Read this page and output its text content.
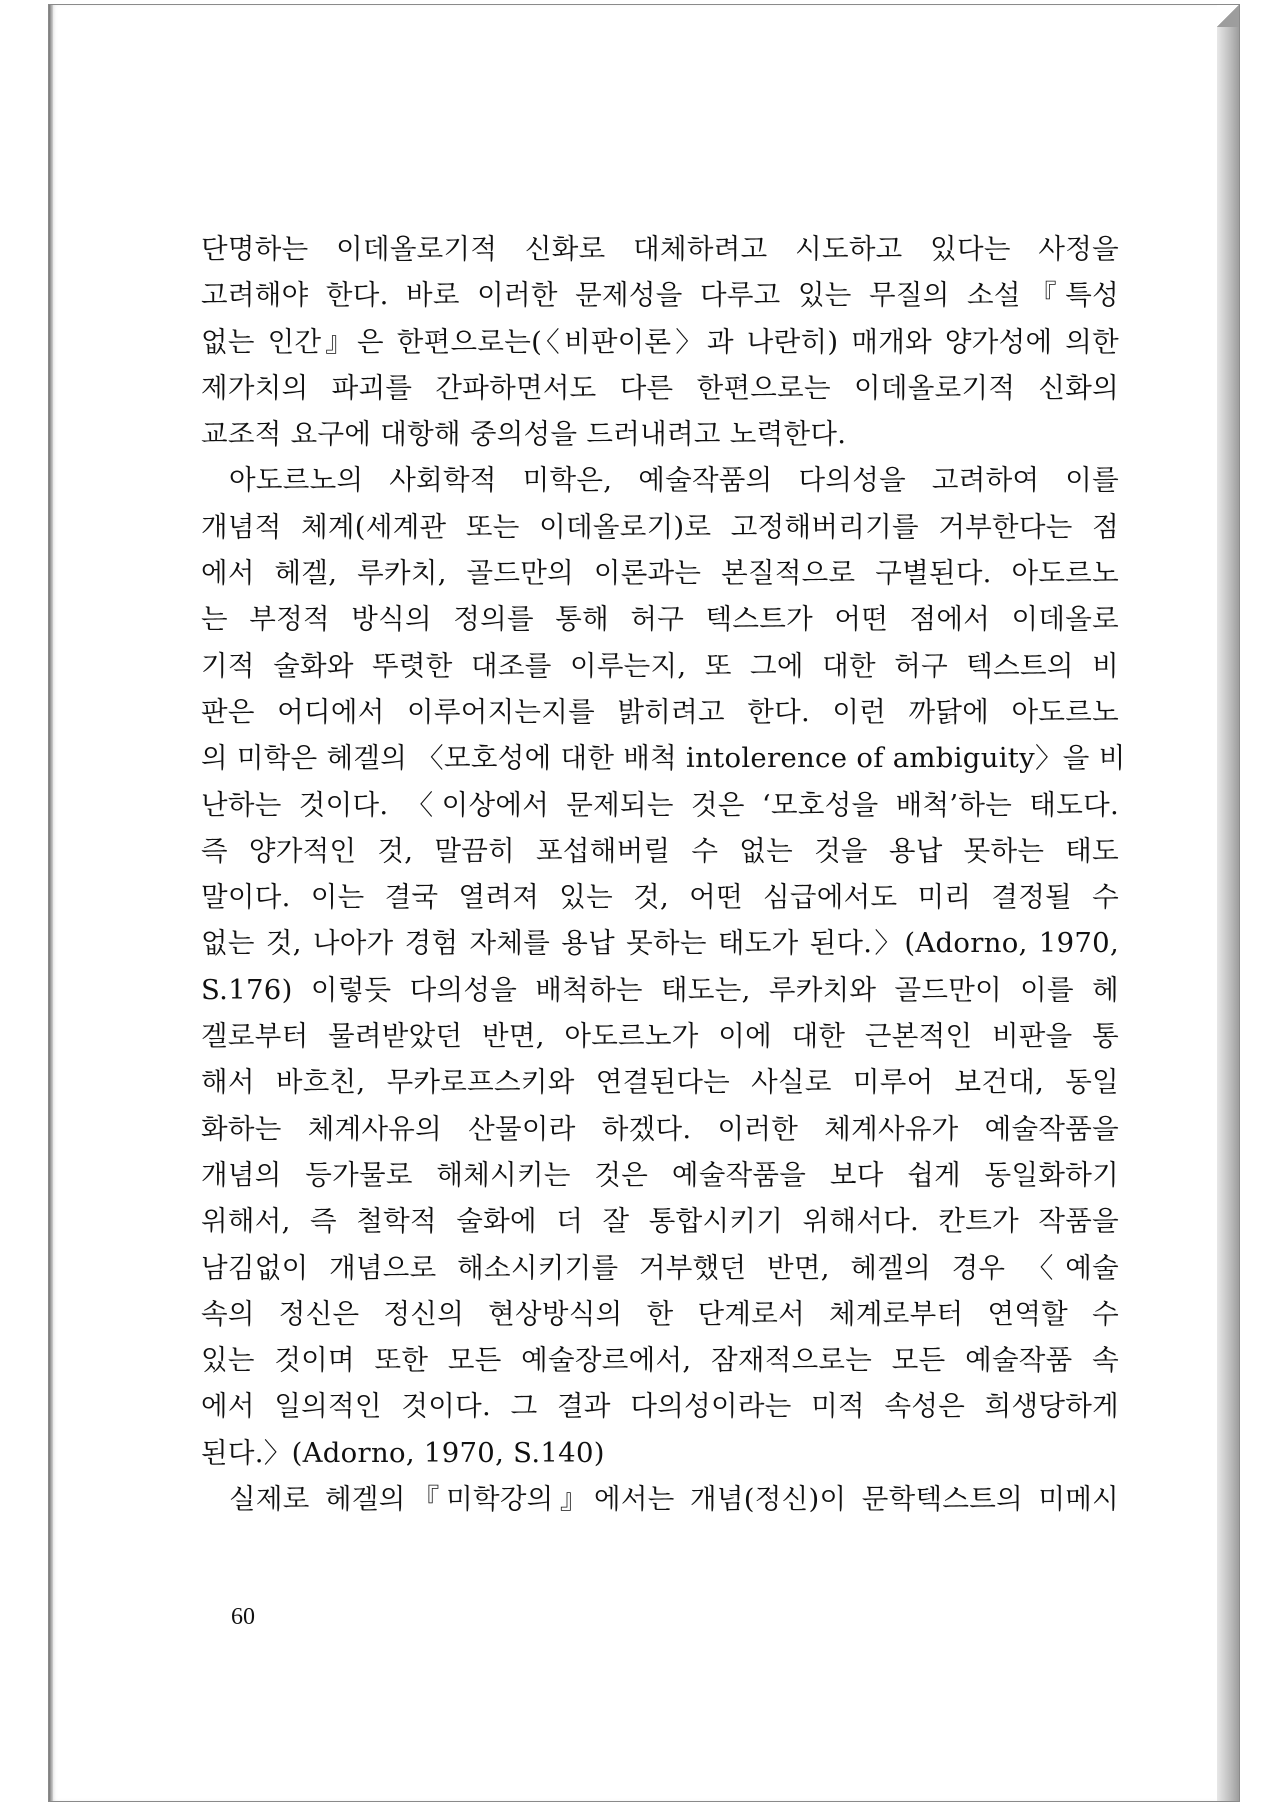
단명하는 이데올로기적 신화로 대체하려고 시도하고 있다는 사정을
고려해야 한다. 바로 이러한 문제성을 다루고 있는 무질의 소설『특성
없는 인간』은 한편으로는(〈비판이론〉과 나란히) 매개와 양가성에 의한
제가치의 파괴를 간파하면서도 다른 한편으로는 이데올로기적 신화의
교조적 요구에 대항해 중의성을 드러내려고 노력한다.
아도르노의 사회학적 미학은, 예술작품의 다의성을 고려하여 이를
개념적 체계(세계관 또는 이데올로기)로 고정해버리기를 거부한다는 점
에서 헤겔, 루카치, 골드만의 이론과는 본질적으로 구별된다. 아도르노
는 부정적 방식의 정의를 통해 허구 텍스트가 어떤 점에서 이데올로
기적 술화와 뚜렷한 대조를 이루는지, 또 그에 대한 허구 텍스트의 비
판은 어디에서 이루어지는지를 밝히려고 한다. 이런 까닭에 아도르노
의 미학은 헤겔의 〈모호성에 대한 배척 intolerence of ambiguity〉을 비
난하는 것이다. 〈이상에서 문제되는 것은 ‘모호성을 배척’하는 태도다.
즉 양가적인 것, 말끔히 포섭해버릴 수 없는 것을 용납 못하는 태도
말이다. 이는 결국 열려져 있는 것, 어떤 심급에서도 미리 결정될 수
없는 것, 나아가 경험 자체를 용납 못하는 태도가 된다.〉(Adorno, 1970,
S.176) 이렇듯 다의성을 배척하는 태도는, 루카치와 골드만이 이를 헤
겔로부터 물려받았던 반면, 아도르노가 이에 대한 근본적인 비판을 통
해서 바흐친, 무카로프스키와 연결된다는 사실로 미루어 보건대, 동일
화하는 체계사유의 산물이라 하겠다. 이러한 체계사유가 예술작품을
개념의 등가물로 해체시키는 것은 예술작품을 보다 쉽게 동일화하기
위해서, 즉 철학적 술화에 더 잘 통합시키기 위해서다. 칸트가 작품을
남김없이 개념으로 해소시키기를 거부했던 반면, 헤겔의 경우 〈예술
속의 정신은 정신의 현상방식의 한 단계로서 체계로부터 연역할 수
있는 것이며 또한 모든 예술장르에서, 잠재적으로는 모든 예술작품 속
에서 일의적인 것이다. 그 결과 다의성이라는 미적 속성은 희생당하게
된다.〉(Adorno, 1970, S.140)
실제로 헤겔의『미학강의』에서는 개념(정신)이 문학텍스트의 미메시
60
